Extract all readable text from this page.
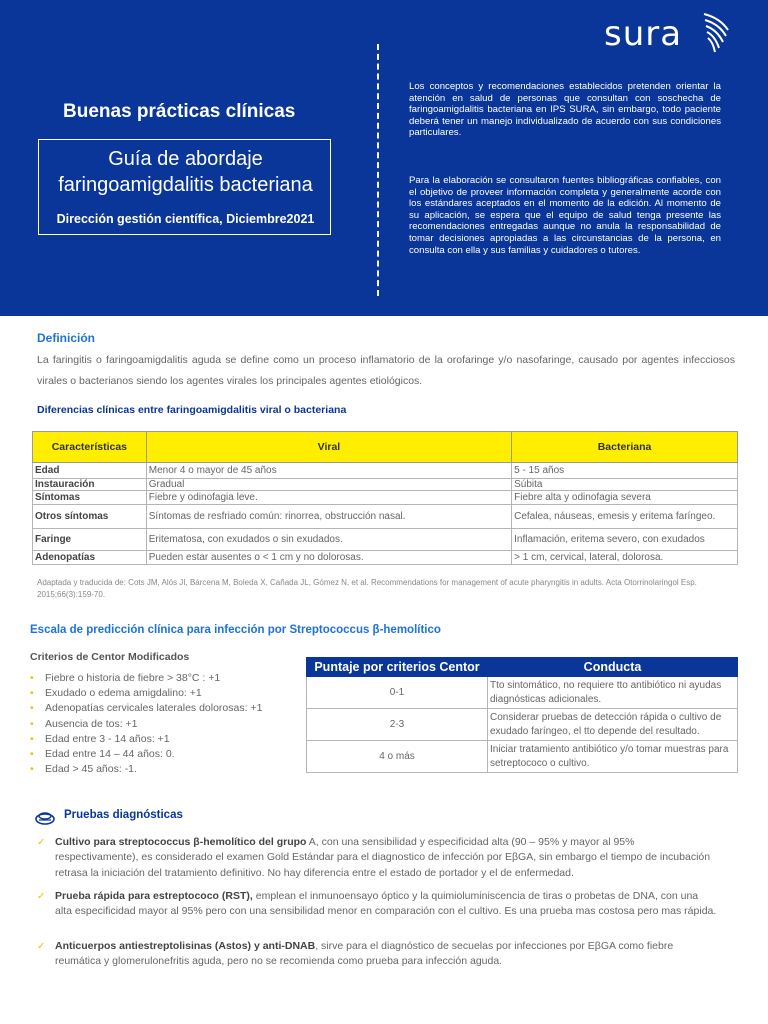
sura
Buenas prácticas clínicas
Guía de abordaje
faringoamigdalitis bacteriana
Dirección gestión científica, Diciembre2021

Los conceptos y recomendaciones establecidos pretenden orientar la atención en salud de personas que consultan con soschecha de faringoamigdalitis bacteriana en IPS SURA, sin embargo, todo paciente deberá tener un manejo individualizado de acuerdo con sus condiciones particulares.

Para la elaboración se consultaron fuentes bibliográficas confiables, con el objetivo de proveer información completa y generalmente acorde con los estándares aceptados en el momento de la edición. Al momento de su aplicación, se espera que el equipo de salud tenga presente las recomendaciones entregadas aunque no anula la responsabilidad de tomar decisiones apropiadas a las circunstancias de la persona, en consulta con ella y sus familias y cuidadores o tutores.

Definición

La faringitis o faringoamigdalitis aguda se define como un proceso inflamatorio de la orofaringe y/o nasofaringe, causado por agentes infecciosos virales o bacterianos siendo los agentes virales los principales agentes etiológicos.

Diferencias clínicas entre faringoamigdalitis viral o bacteriana
Características	Viral	Bacteriana
Edad	Menor 4 o mayor de 45 años	5 - 15 años
Instauración	Gradual	Súbita
Síntomas	Fiebre y odinofagia leve.	Fiebre alta y odinofagia severa
Otros síntomas	Síntomas de resfriado común: rinorrea, obstrucción nasal.	Cefalea, náuseas, emesis y eritema faríngeo.
Faringe	Eritematosa, con exudados o sin exudados.	Inflamación, eritema severo, con exudados
Adenopatías	Pueden estar ausentes o < 1 cm y no dolorosas.	> 1 cm, cervical, lateral, dolorosa.

Adaptada y traducida de: Cots JM, Alós JI, Bárcena M, Boleda X, Cañada JL, Gómez N, et al. Recommendations for management of acute pharyngitis in adults. Acta Otorrinolaringol Esp. 2015;66(3):159-70.

Escala de predicción clínica para infección por Streptococcus β-hemolítico
Criterios de Centor Modificados
• Fiebre o historia de fiebre > 38°C : +1
• Exudado o edema amigdalino: +1
• Adenopatías cervicales laterales dolorosas: +1
• Ausencia de tos: +1
• Edad entre 3 - 14 años: +1
• Edad entre 14 – 44 años: 0.
• Edad > 45 años: -1.
Puntaje por criterios Centor	Conducta
0-1	Tto sintomático, no requiere tto antibiótico ni ayudas diagnósticas adicionales.
2-3	Considerar pruebas de detección rápida o cultivo de exudado faríngeo, el tto depende del resultado.
4 o más	Iniciar tratamiento antibiótico y/o tomar muestras para setreptococo o cultivo.
Pruebas diagnósticas
✓ Cultivo para streptococcus β-hemolítico del grupo A, con una sensibilidad y especificidad alta (90 – 95% y mayor al 95% respectivamente), es considerado el examen Gold Estándar para el diagnostico de infección por EβGA, sin embargo el tiempo de incubación retrasa la iniciación del tratamiento definitivo. No hay diferencia entre el estado de portador y el de enfermedad.

✓ Prueba rápida para estreptococo (RST), emplean el inmunoensayo óptico y la quimioluminiscencia de tiras o probetas de DNA, con una alta especificidad mayor al 95% pero con una sensibilidad menor en comparación con el cultivo. Es una prueba mas costosa pero mas rápida.

✓ Anticuerpos antiestreptolisinas (Astos) y anti-DNAB, sirve para el diagnóstico de secuelas por infecciones por EβGA como fiebre reumática y glomerulonefritis aguda, pero no se recomienda como prueba para infección aguda.
